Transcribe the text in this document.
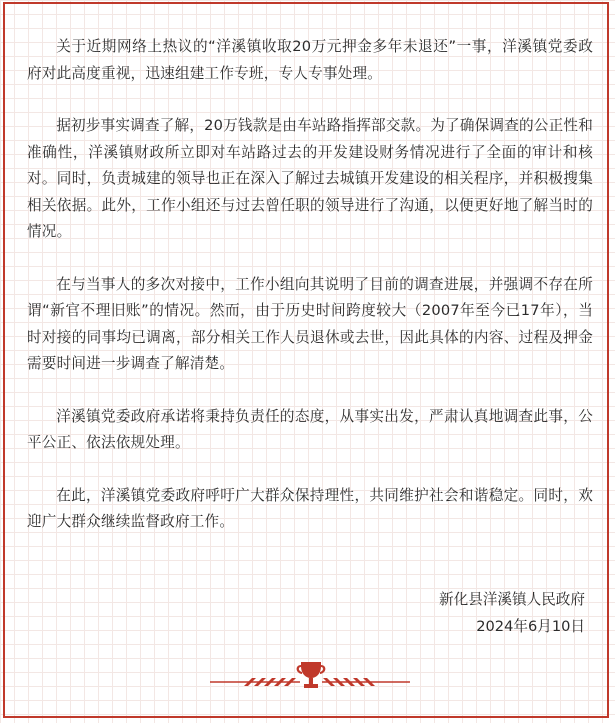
关于近期网络上热议的“洋溪镇收取20万元押金多年未退还”一事，洋溪镇党委政府对此高度重视，迅速组建工作专班，专人专事处理。

据初步事实调查了解，20万钱款是由车站路指挥部交款。为了确保调查的公正性和准确性，洋溪镇财政所立即对车站路过去的开发建设财务情况进行了全面的审计和核对。同时，负责城建的领导也正在深入了解过去城镇开发建设的相关程序，并积极搜集相关依据。此外，工作小组还与过去曾任职的领导进行了沟通，以便更好地了解当时的情况。

在与当事人的多次对接中，工作小组向其说明了目前的调查进展，并强调不存在所谓“新官不理旧账”的情况。然而，由于历史时间跨度较大（2007年至今已17年），当时对接的同事均已调离，部分相关工作人员退休或去世，因此具体的内容、过程及押金需要时间进一步调查了解清楚。

洋溪镇党委政府承诺将秉持负责任的态度，从事实出发，严肃认真地调查此事，公平公正、依法依规处理。

在此，洋溪镇党委政府呼吁广大群众保持理性，共同维护社会和谐稳定。同时，欢迎广大群众继续监督政府工作。

新化县洋溪镇人民政府
2024年6月10日
